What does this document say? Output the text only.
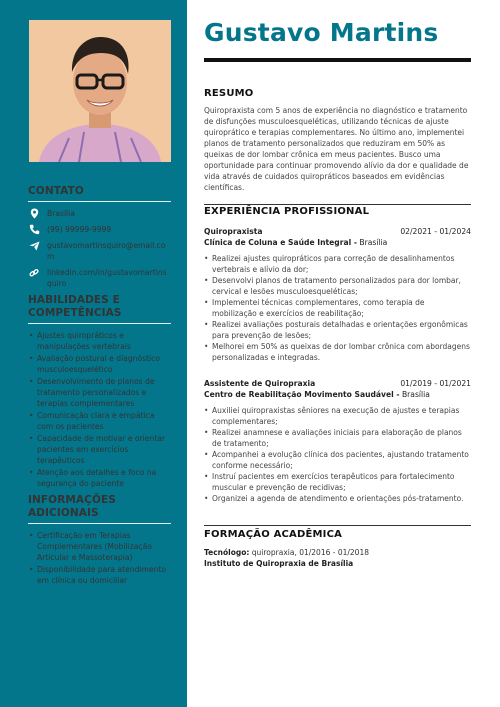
CONTATO
Brasília
(99) 99999-9999
gustavomartinsquiro@email.com
linkedin.com/in/gustavomartinsquiro
HABILIDADES E COMPETÊNCIAS
• Ajustes quiropráticos e manipulações vertebrais
• Avaliação postural e diagnóstico musculoesquelético
• Desenvolvimento de planos de tratamento personalizados e terapias complementares
• Comunicação clara e empática com os pacientes
• Capacidade de motivar e orientar pacientes em exercícios terapêuticos
• Atenção aos detalhes e foco na segurança do paciente
INFORMAÇÕES ADICIONAIS
• Certificação em Terapias Complementares (Mobilização Articular e Massoterapia)
• Disponibilidade para atendimento em clínica ou domiciliar
Gustavo Martins
RESUMO
Quiropraxista com 5 anos de experiência no diagnóstico e tratamento de disfunções musculoesqueléticas, utilizando técnicas de ajuste quiroprático e terapias complementares. No último ano, implementei planos de tratamento personalizados que reduziram em 50% as queixas de dor lombar crônica em meus pacientes. Busco uma oportunidade para continuar promovendo alívio da dor e qualidade de vida através de cuidados quiropráticos baseados em evidências científicas.
EXPERIÊNCIA PROFISSIONAL
Quiropraxista	02/2021 - 01/2024
Clínica de Coluna e Saúde Integral - Brasília
• Realizei ajustes quiropráticos para correção de desalinhamentos vertebrais e alívio da dor;
• Desenvolvi planos de tratamento personalizados para dor lombar, cervical e lesões musculoesqueléticas;
• Implementei técnicas complementares, como terapia de mobilização e exercícios de reabilitação;
• Realizei avaliações posturais detalhadas e orientações ergonômicas para prevenção de lesões;
• Melhorei em 50% as queixas de dor lombar crônica com abordagens personalizadas e integradas.
Assistente de Quiropraxia	01/2019 - 01/2021
Centro de Reabilitação Movimento Saudável - Brasília
• Auxiliei quiropraxistas sêniores na execução de ajustes e terapias complementares;
• Realizei anamnese e avaliações iniciais para elaboração de planos de tratamento;
• Acompanhei a evolução clínica dos pacientes, ajustando tratamento conforme necessário;
• Instruí pacientes em exercícios terapêuticos para fortalecimento muscular e prevenção de recidivas;
• Organizei a agenda de atendimento e orientações pós-tratamento.
FORMAÇÃO ACADÊMICA
Tecnólogo: quiropraxia, 01/2016 - 01/2018
Instituto de Quiropraxia de Brasília
